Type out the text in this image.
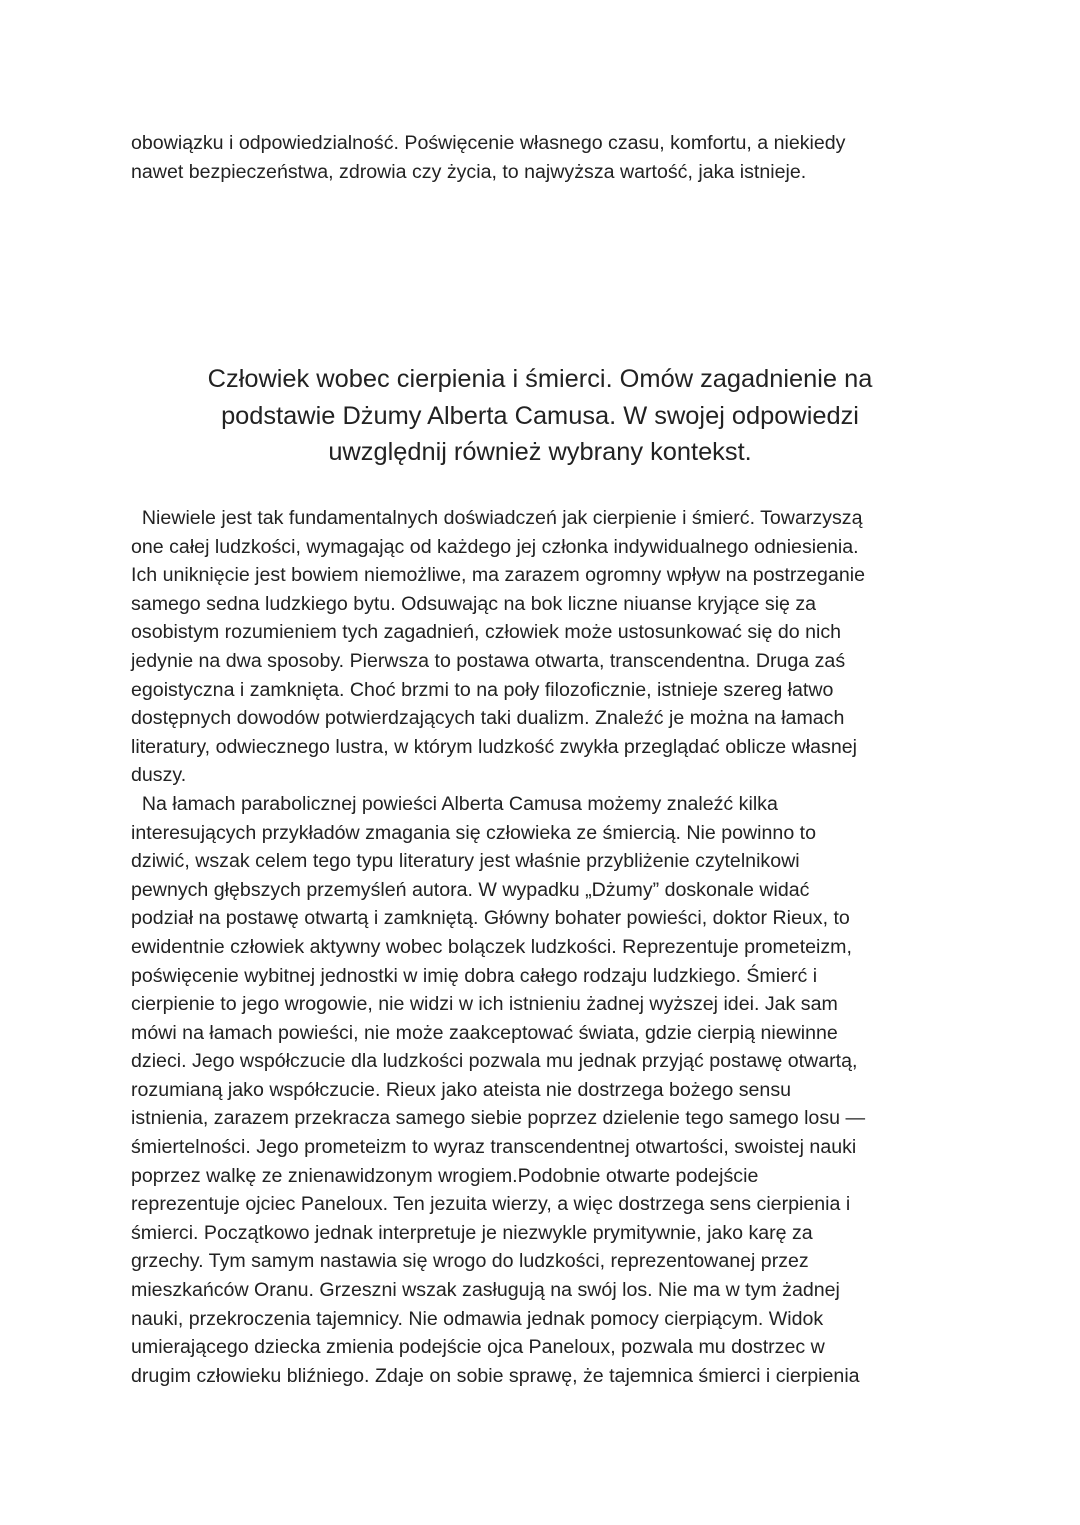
obowiązku i odpowiedzialność. Poświęcenie własnego czasu, komfortu, a niekiedy
nawet bezpieczeństwa, zdrowia czy życia, to najwyższa wartość, jaka istnieje.

Człowiek wobec cierpienia i śmierci. Omów zagadnienie na
podstawie Dżumy Alberta Camusa. W swojej odpowiedzi
uwzględnij również wybrany kontekst.
Niewiele jest tak fundamentalnych doświadczeń jak cierpienie i śmierć. Towarzyszą
one całej ludzkości, wymagając od każdego jej członka indywidualnego odniesienia.
Ich uniknięcie jest bowiem niemożliwe, ma zarazem ogromny wpływ na postrzeganie
samego sedna ludzkiego bytu. Odsuwając na bok liczne niuanse kryjące się za
osobistym rozumieniem tych zagadnień, człowiek może ustosunkować się do nich
jedynie na dwa sposoby. Pierwsza to postawa otwarta, transcendentna. Druga zaś
egoistyczna i zamknięta. Choć brzmi to na poły filozoficznie, istnieje szereg łatwo
dostępnych dowodów potwierdzających taki dualizm. Znaleźć je można na łamach
literatury, odwiecznego lustra, w którym ludzkość zwykła przeglądać oblicze własnej
duszy.
Na łamach parabolicznej powieści Alberta Camusa możemy znaleźć kilka
interesujących przykładów zmagania się człowieka ze śmiercią. Nie powinno to
dziwić, wszak celem tego typu literatury jest właśnie przybliżenie czytelnikowi
pewnych głębszych przemyśleń autora. W wypadku „Dżumy” doskonale widać
podział na postawę otwartą i zamkniętą. Główny bohater powieści, doktor Rieux, to
ewidentnie człowiek aktywny wobec bolączek ludzkości. Reprezentuje prometeizm,
poświęcenie wybitnej jednostki w imię dobra całego rodzaju ludzkiego. Śmierć i
cierpienie to jego wrogowie, nie widzi w ich istnieniu żadnej wyższej idei. Jak sam
mówi na łamach powieści, nie może zaakceptować świata, gdzie cierpią niewinne
dzieci. Jego współczucie dla ludzkości pozwala mu jednak przyjąć postawę otwartą,
rozumianą jako współczucie. Rieux jako ateista nie dostrzega bożego sensu
istnienia, zarazem przekracza samego siebie poprzez dzielenie tego samego losu —
śmiertelności. Jego prometeizm to wyraz transcendentnej otwartości, swoistej nauki
poprzez walkę ze znienawidzonym wrogiem.Podobnie otwarte podejście
reprezentuje ojciec Paneloux. Ten jezuita wierzy, a więc dostrzega sens cierpienia i
śmierci. Początkowo jednak interpretuje je niezwykle prymitywnie, jako karę za
grzechy. Tym samym nastawia się wrogo do ludzkości, reprezentowanej przez
mieszkańców Oranu. Grzeszni wszak zasługują na swój los. Nie ma w tym żadnej
nauki, przekroczenia tajemnicy. Nie odmawia jednak pomocy cierpiącym. Widok
umierającego dziecka zmienia podejście ojca Paneloux, pozwala mu dostrzec w
drugim człowieku bliźniego. Zdaje on sobie sprawę, że tajemnica śmierci i cierpienia
